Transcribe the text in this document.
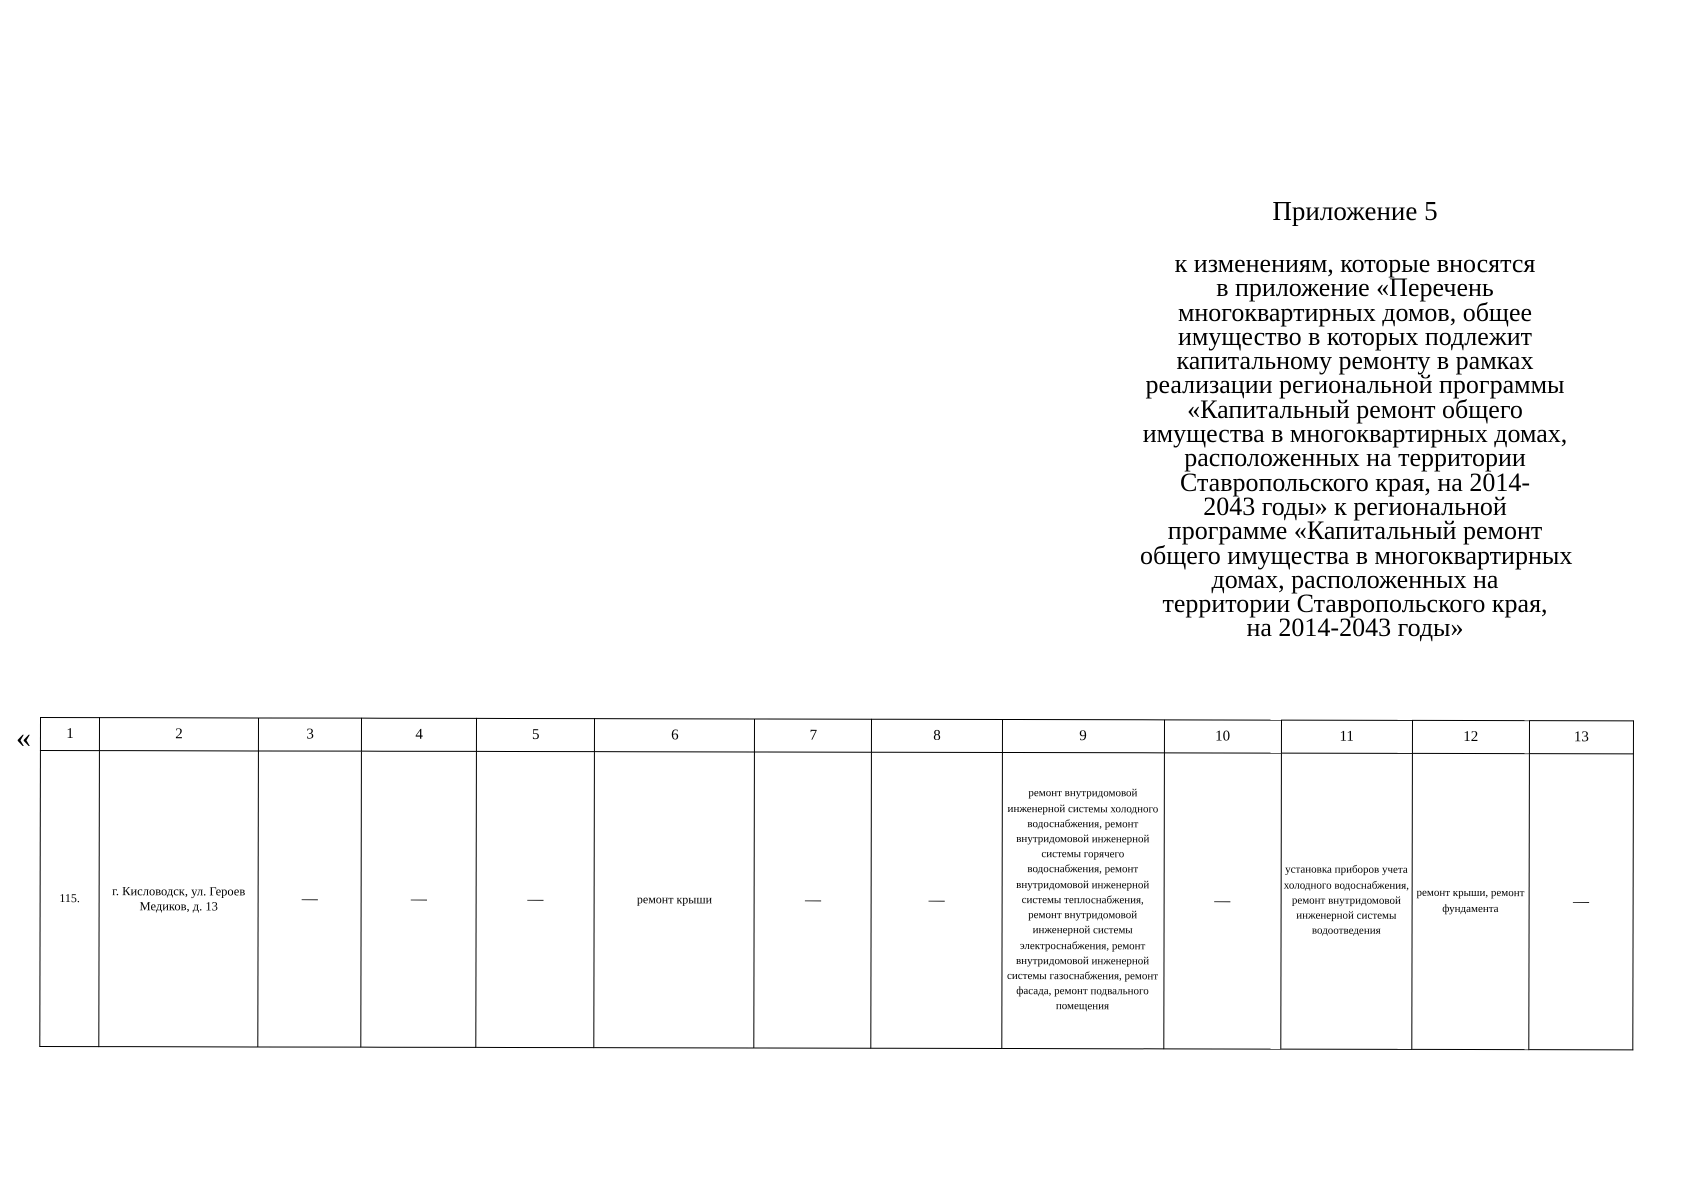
Приложение 5
к изменениям, которые вносятся
в приложение «Перечень
многоквартирных домов, общее
имущество в которых подлежит
капитальному ремонту в рамках
реализации региональной программы
«Капитальный ремонт общего
имущества в многоквартирных домах,
расположенных на территории
Ставропольского края, на 2014-
2043 годы» к региональной
программе «Капитальный ремонт
общего имущества в многоквартирных
домах, расположенных на
территории Ставропольского края,
на 2014-2043 годы»
« 1	2	3	4	5	6	7	8	9	10	11	12	13
115.	г. Кисловодск, ул. Героев Медиков, д. 13	—	—	—	ремонт крыши	—	—	ремонт внутридомовой инженерной системы холодного водоснабжения, ремонт внутридомовой инженерной системы горячего водоснабжения, ремонт внутридомовой инженерной системы теплоснабжения, ремонт внутридомовой инженерной системы электроснабжения, ремонт внутридомовой инженерной системы газоснабжения, ремонт фасада, ремонт подвального помещения	—	установка приборов учета холодного водоснабжения, ремонт внутридомовой инженерной системы водоотведения	ремонт крыши, ремонт фундамента	—
